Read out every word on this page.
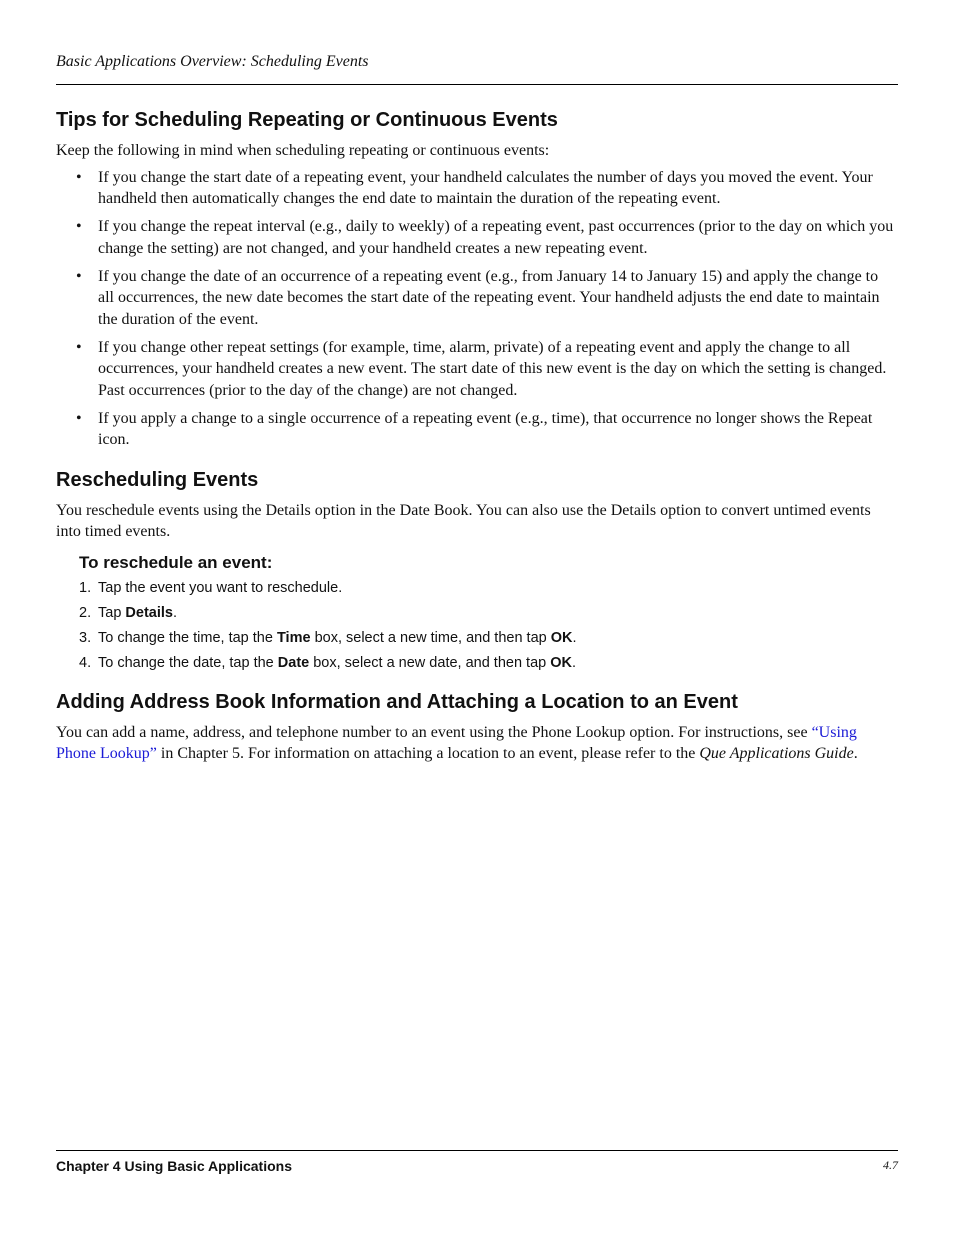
Basic Applications Overview: Scheduling Events
Tips for Scheduling Repeating or Continuous Events

Keep the following in mind when scheduling repeating or continuous events:

• If you change the start date of a repeating event, your handheld calculates the number of days you moved the event. Your handheld then automatically changes the end date to maintain the duration of the repeating event.
• If you change the repeat interval (e.g., daily to weekly) of a repeating event, past occurrences (prior to the day on which you change the setting) are not changed, and your handheld creates a new repeating event.
• If you change the date of an occurrence of a repeating event (e.g., from January 14 to January 15) and apply the change to all occurrences, the new date becomes the start date of the repeating event. Your handheld adjusts the end date to maintain the duration of the event.
• If you change other repeat settings (for example, time, alarm, private) of a repeating event and apply the change to all occurrences, your handheld creates a new event. The start date of this new event is the day on which the setting is changed. Past occurrences (prior to the day of the change) are not changed.
• If you apply a change to a single occurrence of a repeating event (e.g., time), that occurrence no longer shows the Repeat icon.
Rescheduling Events

You reschedule events using the Details option in the Date Book. You can also use the Details option to convert untimed events into timed events.

To reschedule an event:
1. Tap the event you want to reschedule.
2. Tap Details.
3. To change the time, tap the Time box, select a new time, and then tap OK.
4. To change the date, tap the Date box, select a new date, and then tap OK.
Adding Address Book Information and Attaching a Location to an Event

You can add a name, address, and telephone number to an event using the Phone Lookup option. For instructions, see “Using Phone Lookup” in Chapter 5. For information on attaching a location to an event, please refer to the Que Applications Guide.

Chapter 4 Using Basic Applications	4.7
